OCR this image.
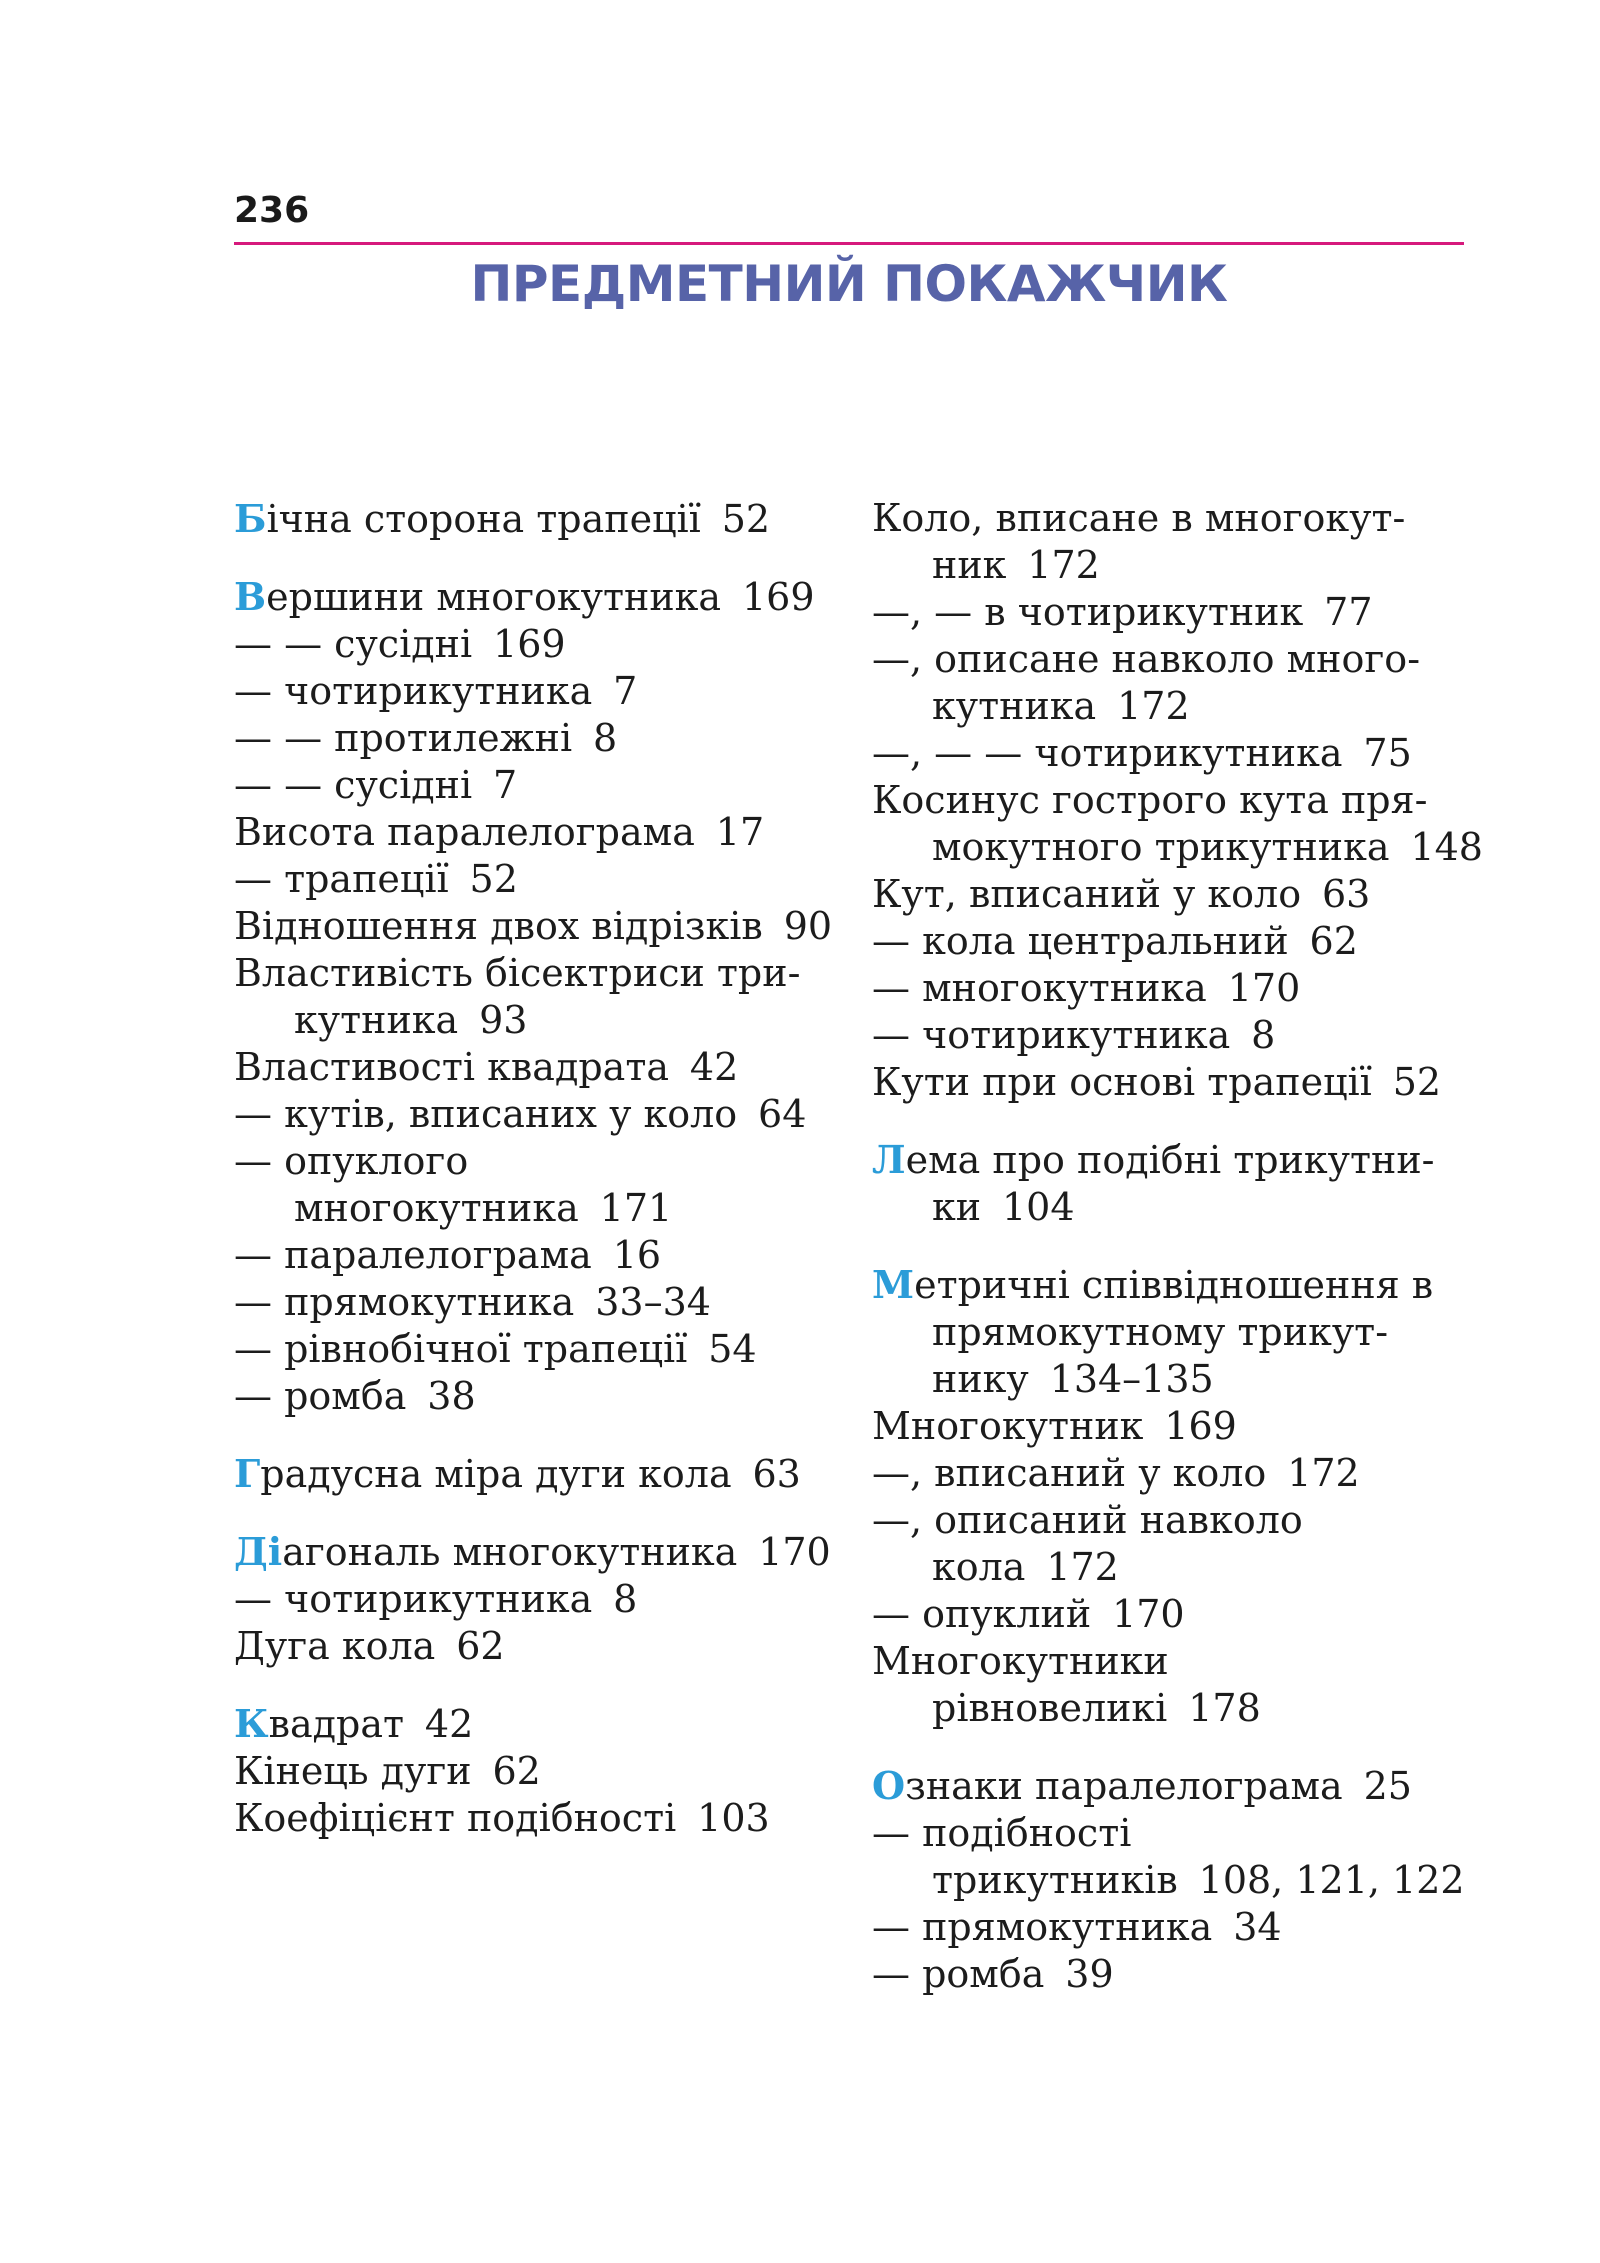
236
ПРЕДМЕТНИЙ ПОКАЖЧИК

Бічна сторона трапеції 52

Вершини многокутника 169

— — сусідні 169

— чотирикутника 7

— — протилежні 8

— — сусідні 7

Висота паралелограма 17

— трапеції 52

Відношення двох відрізків 90

Властивість бісектриси трикутника 93

Властивості квадрата 42

— кутів, вписаних у коло 64

— опуклого многокутника 171

— паралелограма 16

— прямокутника 33–34

— рівнобічної трапеції 54

— ромба 38

Градусна міра дуги кола 63

Діагональ многокутника 170

— чотирикутника 8

Дуга кола 62

Квадрат 42

Кінець дуги 62

Коефіцієнт подібності 103

Коло, вписане в многокутник 172

—, — в чотирикутник 77

—, описане навколо многокутника 172

—, — — чотирикутника 75

Косинус гострого кута прямокутного трикутника 148

Кут, вписаний у коло 63

— кола центральний 62

— многокутника 170

— чотирикутника 8

Кути при основі трапеції 52

Лема про подібні трикутники 104

Метричні співвідношення в прямокутному трикутнику 134–135

Многокутник 169

—, вписаний у коло 172

—, описаний навколо кола 172

— опуклий 170

Многокутники рівновеликі 178

Ознаки паралелограма 25

— подібності трикутників 108, 121, 122

— прямокутника 34

— ромба 39
